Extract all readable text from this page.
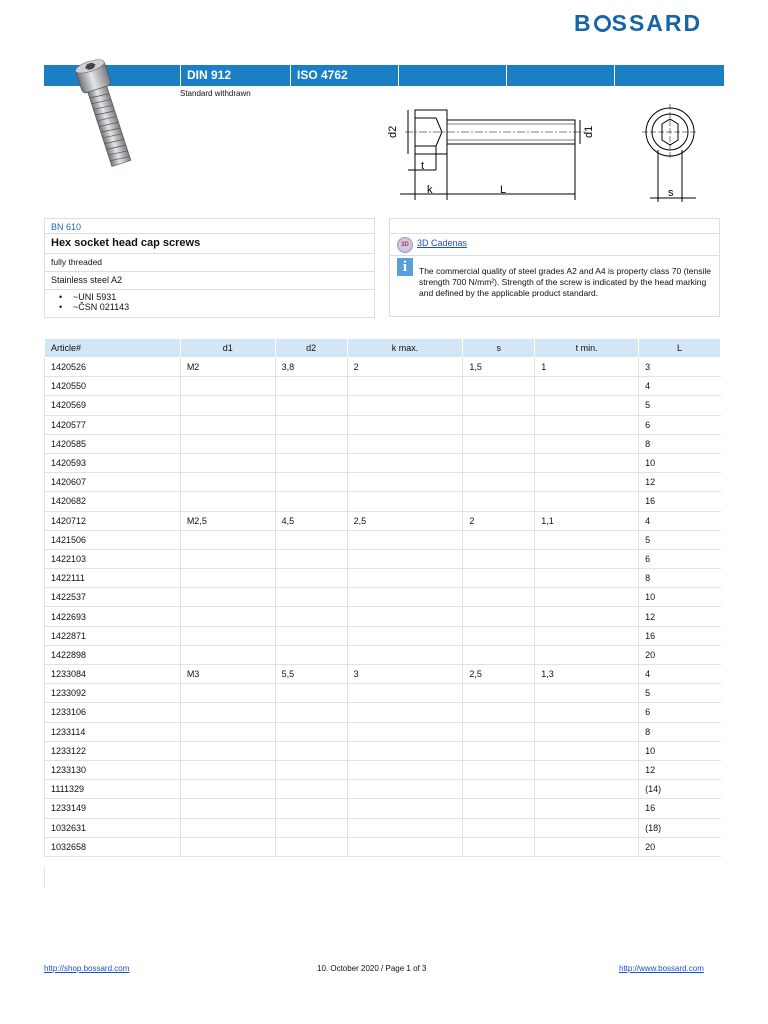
B SSARD
DIN 912	ISO 4762
Standard withdrawn
d2	d1
t
k	L	s
BN 610
Hex socket head cap screws
fully threaded
Stainless steel A2
• ~UNI 5931
• ~ČSN 021143
3D 3D Cadenas
i	The commercial quality of steel grades A2 and A4 is property class 70 (tensile strength 700 N/mm²). Strength of the screw is indicated by the head marking and defined by the applicable product standard.
Article#	d1	d2	k max.	s	t min.	L
1420526	M2	3,8	2	1,5	1	3
1420550						4
1420569						5
1420577						6
1420585						8
1420593						10
1420607						12
1420682						16
1420712	M2,5	4,5	2,5	2	1,1	4
1421506						5
1422103						6
1422111						8
1422537						10
1422693						12
1422871						16
1422898						20
1233084	M3	5,5	3	2,5	1,3	4
1233092						5
1233106						6
1233114						8
1233122						10
1233130						12
1111329						(14)
1233149						16
1032631						(18)
1032658						20
http://shop.bossard.com	10. October 2020 / Page 1 of 3	http://www.bossard.com
